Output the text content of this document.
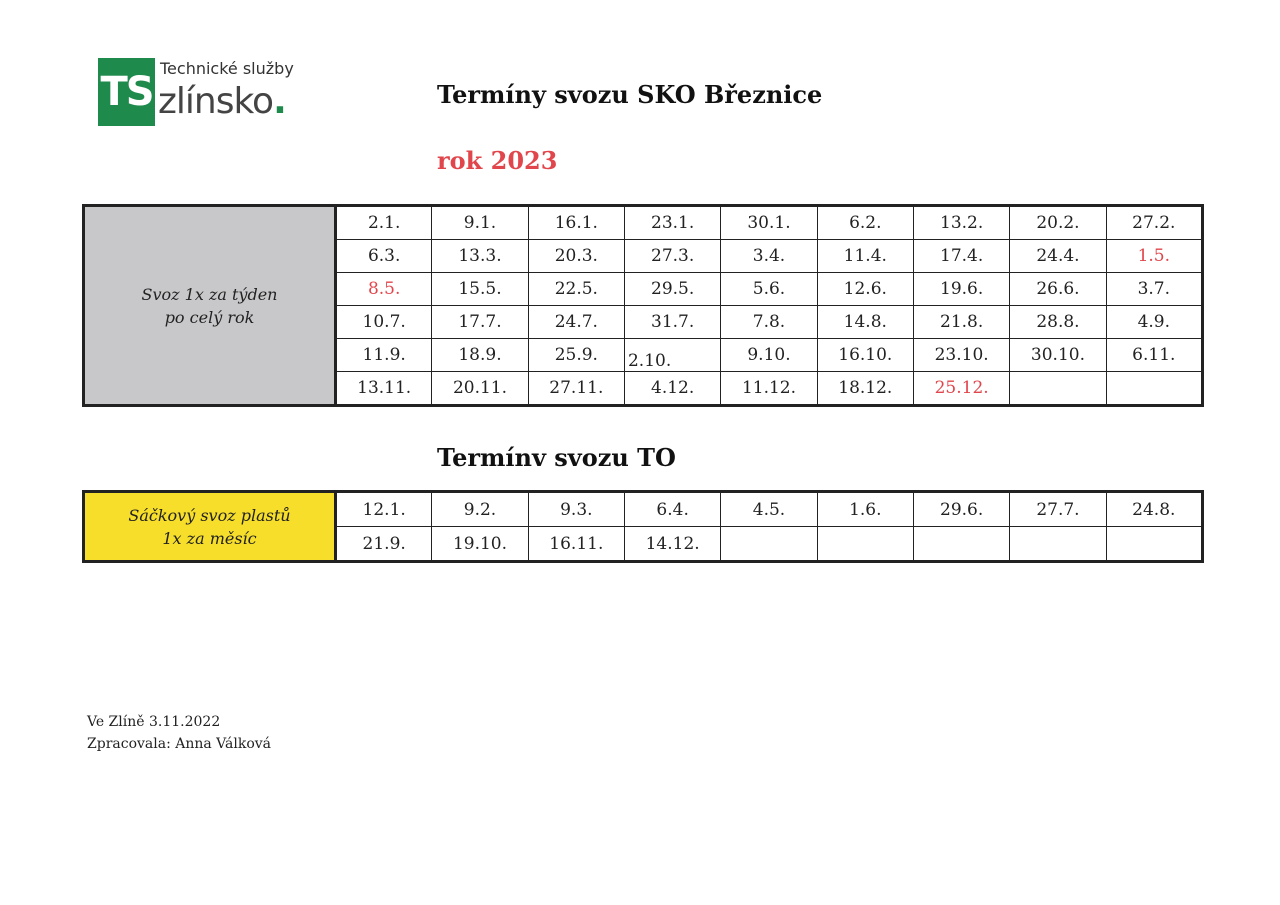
TS
Technické služby
zlínsko.	Termíny svozu SKO Březnice
rok 2023
Svoz 1x za týden
po celý rok	2.1.	9.1.	16.1.	23.1.	30.1.	6.2.	13.2.	20.2.	27.2.
	6.3.	13.3.	20.3.	27.3.	3.4.	11.4.	17.4.	24.4.	1.5.
	8.5.	15.5.	22.5.	29.5.	5.6.	12.6.	19.6.	26.6.	3.7.
	10.7.	17.7.	24.7.	31.7.	7.8.	14.8.	21.8.	28.8.	4.9.
	11.9.	18.9.	25.9.	2.10.	9.10.	16.10.	23.10.	30.10.	6.11.
	13.11.	20.11.	27.11.	4.12.	11.12.	18.12.	25.12.		
Termínv svozu TO
Sáčkový svoz plastů
1x za měsíc	12.1.	9.2.	9.3.	6.4.	4.5.	1.6.	29.6.	27.7.	24.8.
	21.9.	19.10.	16.11.	14.12.					
Ve Zlíně 3.11.2022
Zpracovala: Anna Válková
